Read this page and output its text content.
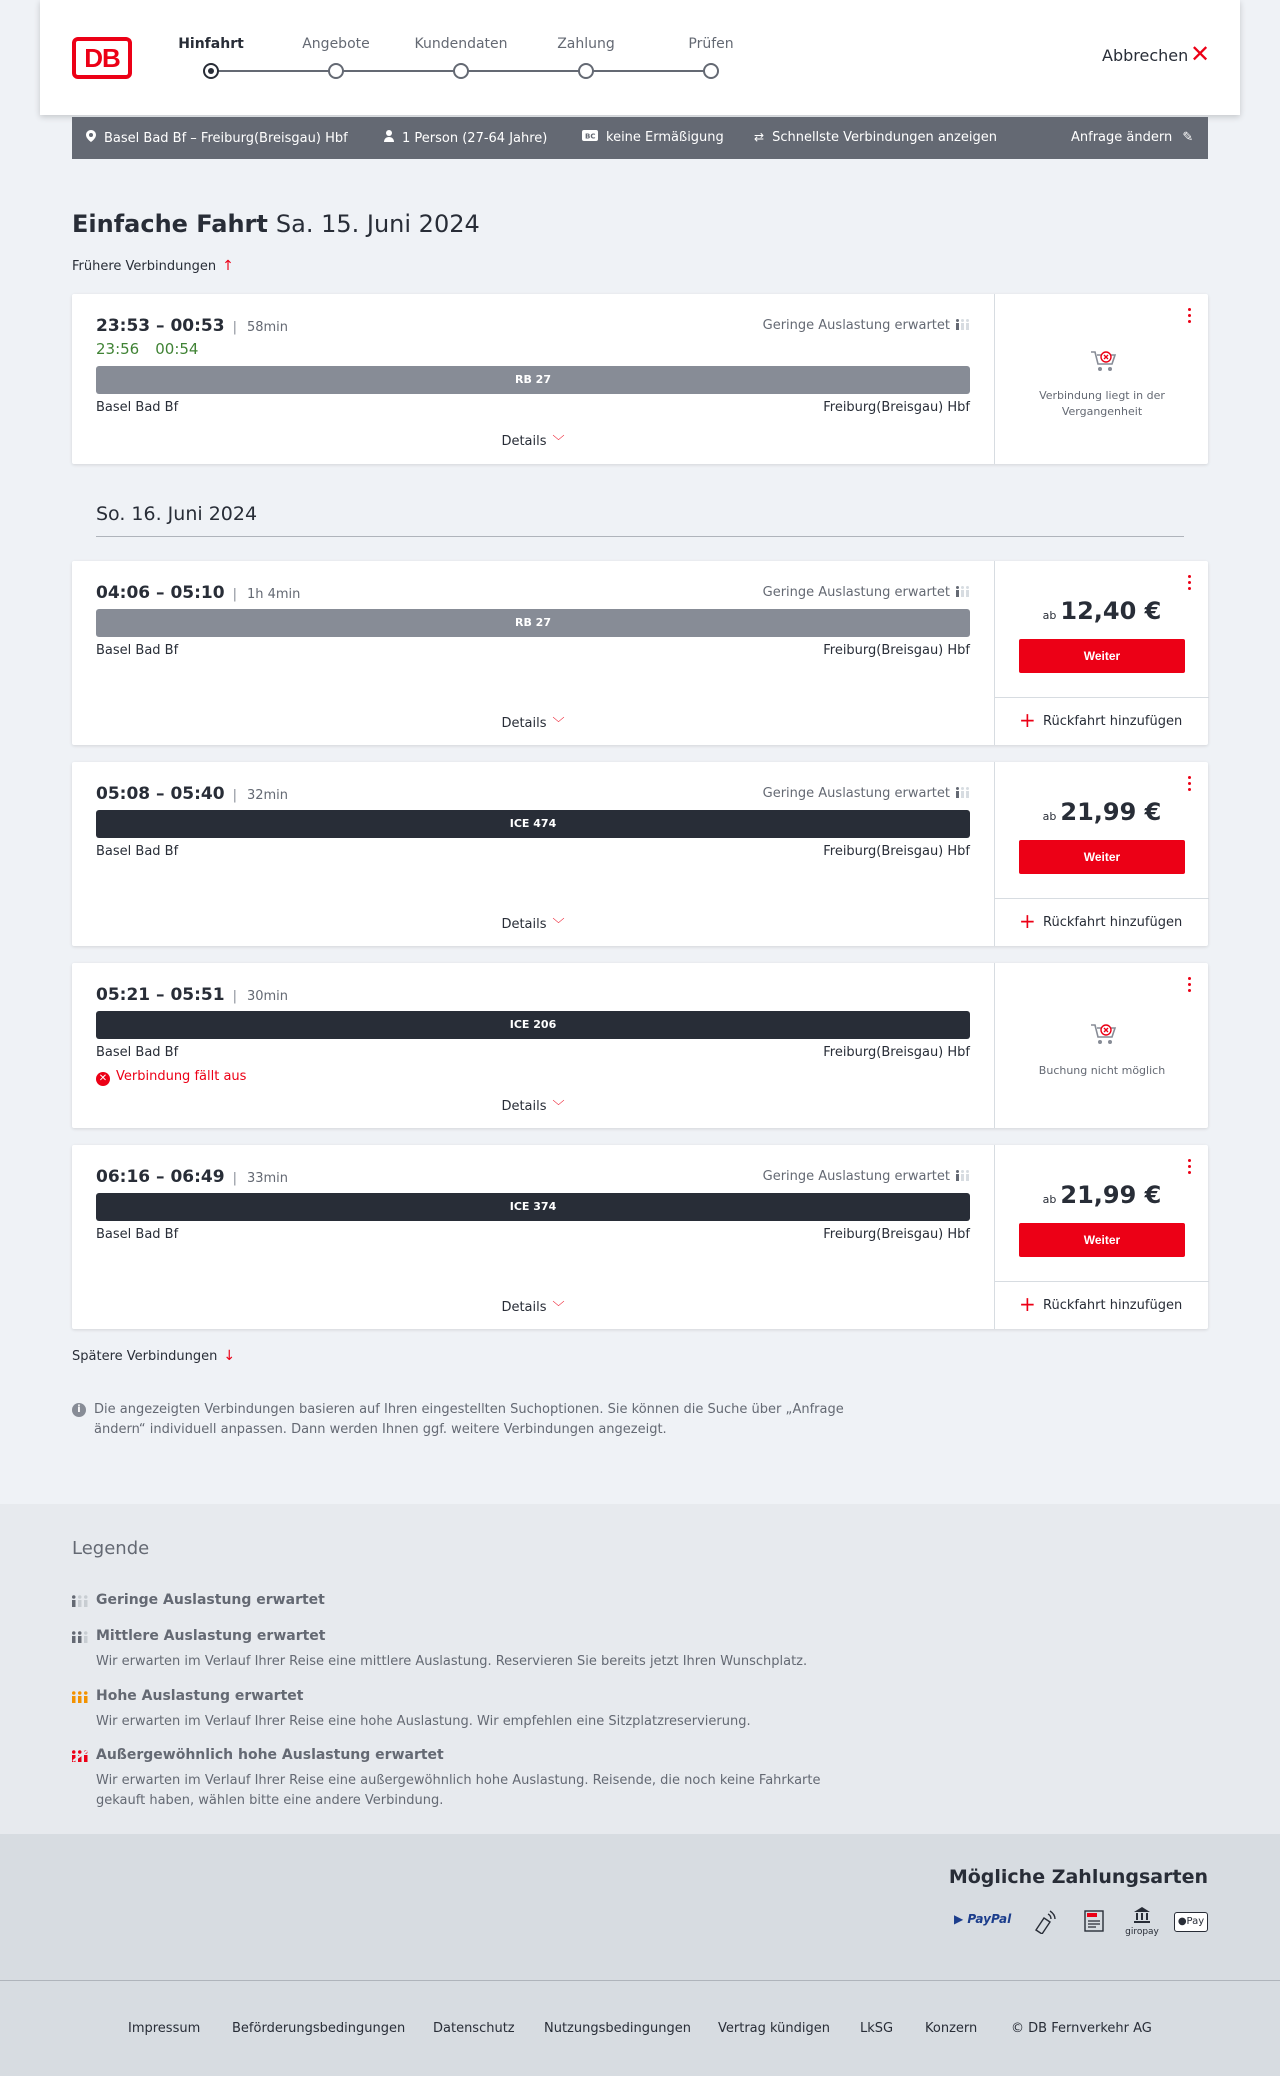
DB	Hinfahrt	Angebote	Kundendaten	Zahlung	Prüfen
Abbrechen ✕
Basel Bad Bf – Freiburg(Breisgau) Hbf	1 Person (27-64 Jahre)	BC keine Ermäßigung	⇄ Schnellste Verbindungen anzeigen	Anfrage ändern ✎
Einfache Fahrt Sa. 15. Juni 2024
Frühere Verbindungen ↑
23:53 – 00:53 | 58min
23:56 00:54
Geringe Auslastung erwartet
RB 27
Basel Bad Bf	Freiburg(Breisgau) Hbf
Details ﹀
Verbindung liegt in der Vergangenheit
So. 16. Juni 2024
04:06 – 05:10 | 1h 4min	Geringe Auslastung erwartet
RB 27
Basel Bad Bf	Freiburg(Breisgau) Hbf
Details ﹀
ab 12,40 €
Weiter
+ Rückfahrt hinzufügen
05:08 – 05:40 | 32min	Geringe Auslastung erwartet
ICE 474
Basel Bad Bf	Freiburg(Breisgau) Hbf
Details ﹀
ab 21,99 €
Weiter
+ Rückfahrt hinzufügen
05:21 – 05:51 | 30min
ICE 206
Basel Bad Bf	Freiburg(Breisgau) Hbf
✕ Verbindung fällt aus
Details ﹀
Buchung nicht möglich
06:16 – 06:49 | 33min	Geringe Auslastung erwartet
ICE 374
Basel Bad Bf	Freiburg(Breisgau) Hbf
Details ﹀
ab 21,99 €
Weiter
+ Rückfahrt hinzufügen
Spätere Verbindungen ↓
i	Die angezeigten Verbindungen basieren auf Ihren eingestellten Suchoptionen. Sie können die Suche über „Anfrage ändern“ individuell anpassen. Dann werden Ihnen ggf. weitere Verbindungen angezeigt.
Legende
Geringe Auslastung erwartet
Mittlere Auslastung erwartet
Wir erwarten im Verlauf Ihrer Reise eine mittlere Auslastung. Reservieren Sie bereits jetzt Ihren Wunschplatz.
Hohe Auslastung erwartet
Wir erwarten im Verlauf Ihrer Reise eine hohe Auslastung. Wir empfehlen eine Sitzplatzreservierung.
Außergewöhnlich hohe Auslastung erwartet
Wir erwarten im Verlauf Ihrer Reise eine außergewöhnlich hohe Auslastung. Reisende, die noch keine Fahrkarte gekauft haben, wählen bitte eine andere Verbindung.
Mögliche Zahlungsarten
▶ PayPal
giropay
●Pay
Impressum Beförderungsbedingungen Datenschutz Nutzungsbedingungen Vertrag kündigen LkSG Konzern	© DB Fernverkehr AG
